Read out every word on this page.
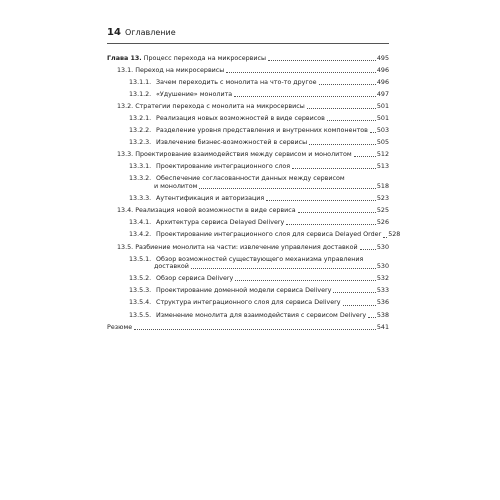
14 Оглавление
Глава 13. Процесс перехода на микросервисы	495
13.1. Переход на микросервисы	496
13.1.1. Зачем переходить с монолита на что-то другое	496
13.1.2. «Удушение» монолита	497
13.2. Стратегии перехода с монолита на микросервисы	501
13.2.1. Реализация новых возможностей в виде сервисов	501
13.2.2. Разделение уровня представления и внутренних компонентов 503
13.2.3. Извлечение бизнес-возможностей в сервисы	505
13.3. Проектирование взаимодействия между сервисом и монолитом	512
13.3.1. Проектирование интеграционного слоя	513
13.3.2. Обеспечение согласованности данных между сервисом
и монолитом	518
13.3.3. Аутентификация и авторизация	523
13.4. Реализация новой возможности в виде сервиса	525
13.4.1. Архитектура сервиса Delayed Delivery	526
13.4.2. Проектирование интеграционного слоя для сервиса Delayed Order 528
13.5. Разбиение монолита на части: извлечение управления доставкой	530
13.5.1. Обзор возможностей существующего механизма управления
доставкой	530
13.5.2. Обзор сервиса Delivery	532
13.5.3. Проектирование доменной модели сервиса Delivery	533
13.5.4. Структура интеграционного слоя для сервиса Delivery	536
13.5.5. Изменение монолита для взаимодействия с сервисом Delivery 538
Резюме	541
